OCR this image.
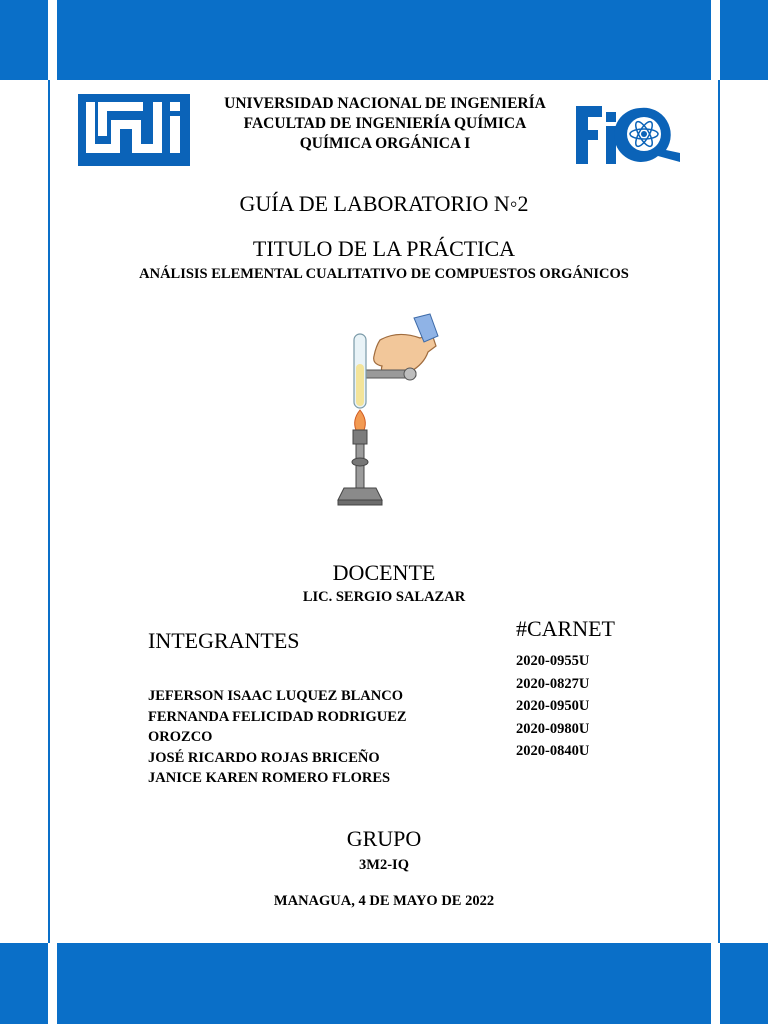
UNIVERSIDAD NACIONAL DE INGENIERÍA
FACULTAD DE INGENIERÍA QUÍMICA
QUÍMICA ORGÁNICA I
GUÍA DE LABORATORIO N◦2
TITULO DE LA PRÁCTICA
ANÁLISIS ELEMENTAL CUALITATIVO DE COMPUESTOS ORGÁNICOS
DOCENTE
LIC. SERGIO SALAZAR
INTEGRANTES	#CARNET
JEFERSON ISAAC LUQUEZ BLANCO
FERNANDA FELICIDAD RODRIGUEZ
OROZCO
JOSÉ RICARDO ROJAS BRICEÑO
JANICE KAREN ROMERO FLORES
2020-0955U
2020-0827U
2020-0950U
2020-0980U
2020-0840U
GRUPO
3M2-IQ
MANAGUA, 4 DE MAYO DE 2022
